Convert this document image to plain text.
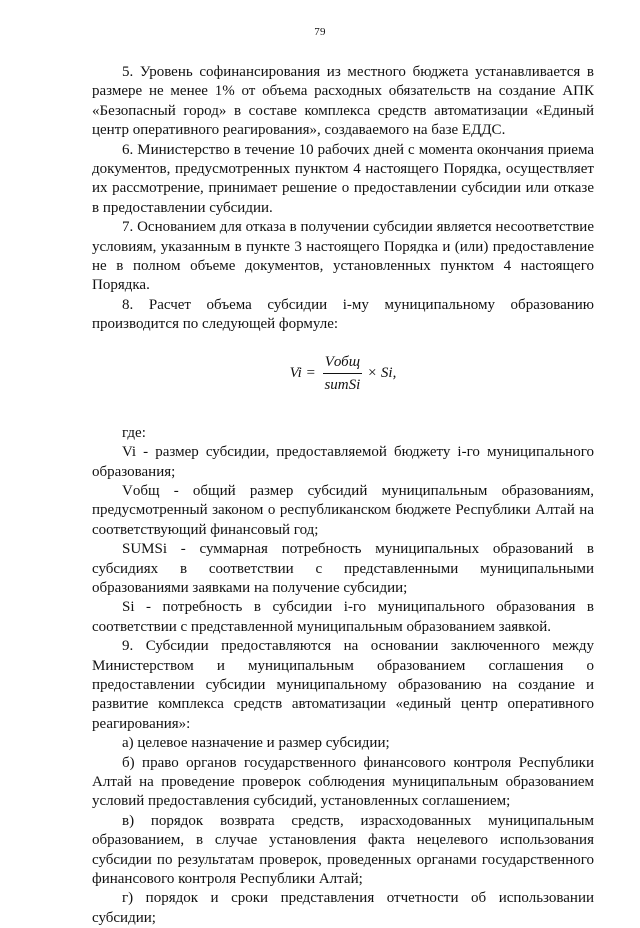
79

5. Уровень софинансирования из местного бюджета устанавливается в размере не менее 1% от объема расходных обязательств на создание АПК «Безопасный город» в составе комплекса средств автоматизации «Единый центр оперативного реагирования», создаваемого на базе ЕДДС.

6. Министерство в течение 10 рабочих дней с момента окончания приема документов, предусмотренных пунктом 4 настоящего Порядка, осуществляет их рассмотрение, принимает решение о предоставлении субсидии или отказе в предоставлении субсидии.

7. Основанием для отказа в получении субсидии является несоответствие условиям, указанным в пункте 3 настоящего Порядка и (или) предоставление не в полном объеме документов, установленных пунктом 4 настоящего Порядка.

8. Расчет объема субсидии i-му муниципальному образованию производится по следующей формуле:

$Vi = \frac{\text{Vобщ}}{\text{sumSi}} \times Si$,

где:

Vi - размер субсидии, предоставляемой бюджету i-го муниципального образования;

Vобщ - общий размер субсидий муниципальным образованиям, предусмотренный законом о республиканском бюджете Республики Алтай на соответствующий финансовый год;

SUMSi - суммарная потребность муниципальных образований в субсидиях в соответствии с представленными муниципальными образованиями заявками на получение субсидии;

Si - потребность в субсидии i-го муниципального образования в соответствии с представленной муниципальным образованием заявкой.

9. Субсидии предоставляются на основании заключенного между Министерством и муниципальным образованием соглашения о предоставлении субсидии муниципальному образованию на создание и развитие комплекса средств автоматизации «единый центр оперативного реагирования»:

а) целевое назначение и размер субсидии;

б) право органов государственного финансового контроля Республики Алтай на проведение проверок соблюдения муниципальным образованием условий предоставления субсидий, установленных соглашением;

в) порядок возврата средств, израсходованных муниципальным образованием, в случае установления факта нецелевого использования субсидии по результатам проверок, проведенных органами государственного финансового контроля Республики Алтай;

г) порядок и сроки представления отчетности об использовании субсидии;
